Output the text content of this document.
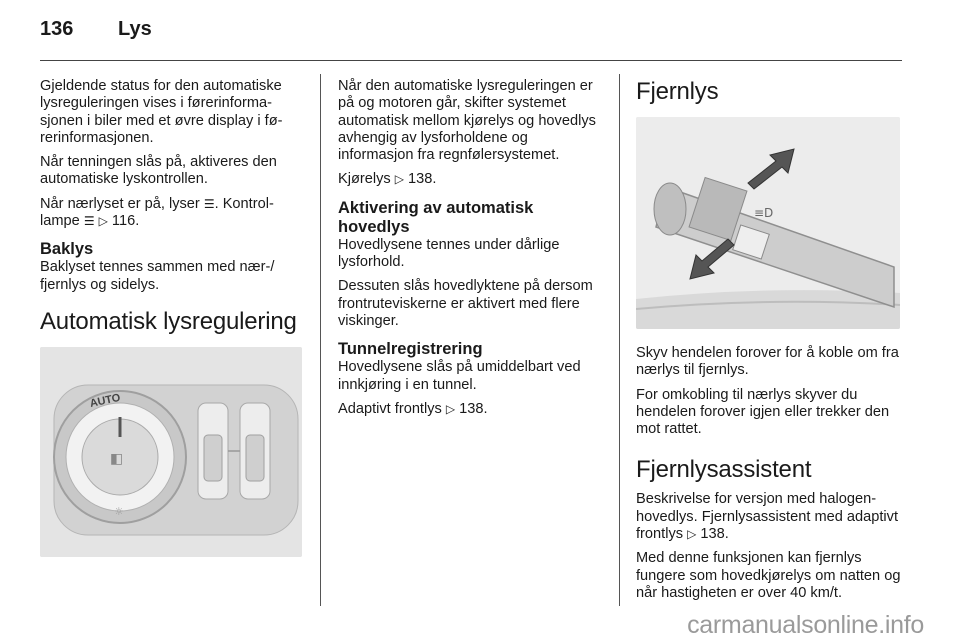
136	Lys

Gjeldende status for den automatiske lysreguleringen vises i førerinformasjonen i biler med et øvre display i førerinformasjonen.

Når tenningen slås på, aktiveres den automatiske lyskontrollen.

Når nærlyset er på, lyser ☰. Kontrollampe ☰ ▷ 116.

Baklys

Baklyset tennes sammen med nær-/ fjernlys og sidelys.

Automatisk lysregulering
AUTO
◧
☼

Når den automatiske lysreguleringen er på og motoren går, skifter systemet automatisk mellom kjørelys og hovedlys avhengig av lysforholdene og informasjon fra regnfølersystemet.

Kjørelys ▷ 138.

Aktivering av automatisk hovedlys

Hovedlysene tennes under dårlige lysforhold.

Dessuten slås hovedlyktene på dersom frontruteviskerne er aktivert med flere viskinger.

Tunnelregistrering

Hovedlysene slås på umiddelbart ved innkjøring i en tunnel.

Adaptivt frontlys ▷ 138.

Fjernlys
≡D

Skyv hendelen forover for å koble om fra nærlys til fjernlys.

For omkobling til nærlys skyver du hendelen forover igjen eller trekker den mot rattet.

Fjernlysassistent

Beskrivelse for versjon med halogenhovedlys. Fjernlysassistent med adaptivt frontlys ▷ 138.

Med denne funksjonen kan fjernlys fungere som hovedkjørelys om natten og når hastigheten er over 40 km/t.

carmanualsonline.info
